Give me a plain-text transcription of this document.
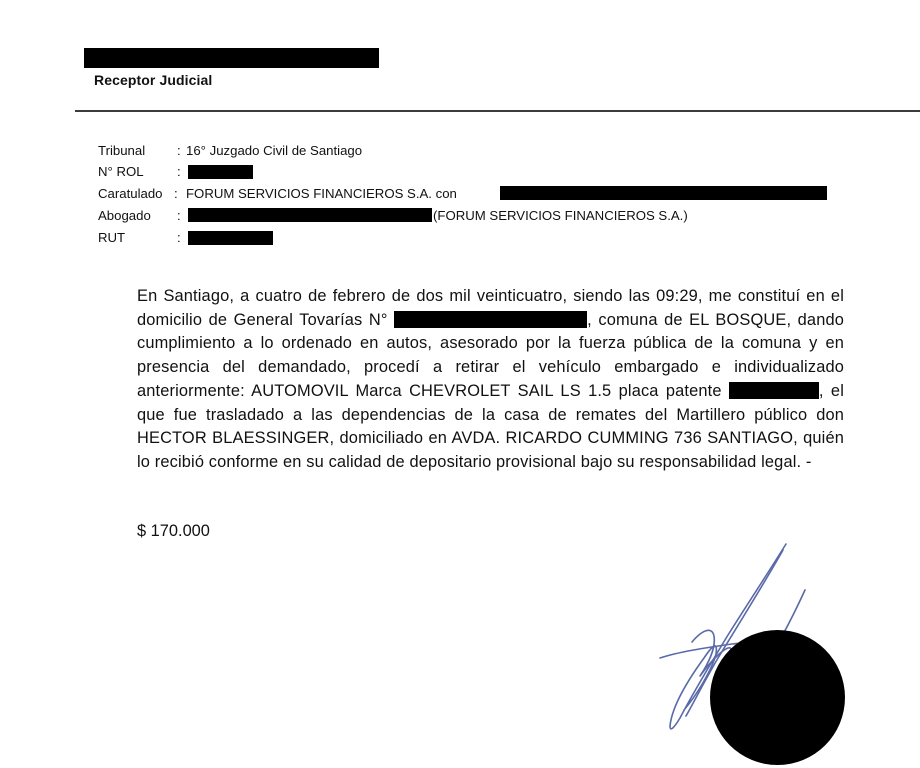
Receptor Judicial
Tribunal : 16° Juzgado Civil de Santiago
N° ROL	:
Caratulado : FORUM SERVICIOS FINANCIEROS S.A. con
Abogado :	(FORUM SERVICIOS FINANCIEROS S.A.)
RUT	:
En Santiago, a cuatro de febrero de dos mil veinticuatro, siendo las 09:29, me constituí en el domicilio de General Tovarías N°	, comuna de EL BOSQUE, dando cumplimiento a lo ordenado en autos, asesorado por la fuerza pública de la comuna y en presencia del demandado, procedí a retirar el vehículo embargado e individualizado anteriormente: AUTOMOVIL Marca CHEVROLET SAIL LS 1.5 placa patente	, el que fue trasladado a las dependencias de la casa de remates del Martillero público don HECTOR BLAESSINGER, domiciliado en AVDA. RICARDO CUMMING 736 SANTIAGO, quién lo recibió conforme en su calidad de depositario provisional bajo su responsabilidad legal. -
$ 170.000
